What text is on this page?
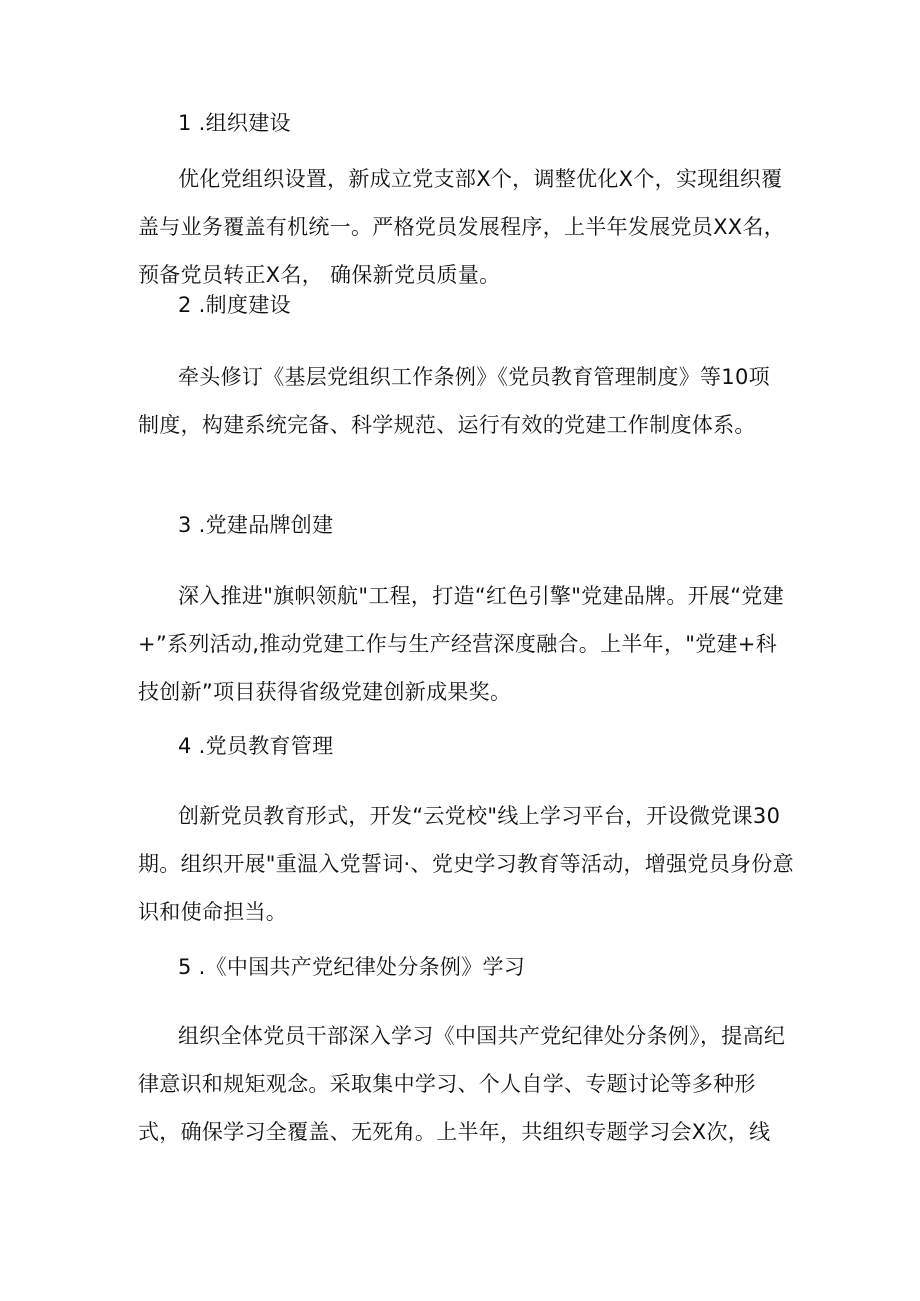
1 .组织建设

优化党组织设置，新成立党支部X个，调整优化X个，实现组织覆盖与业务覆盖有机统一。严格党员发展程序，上半年发展党员XX名，预备党员转正X名， 确保新党员质量。

2 .制度建设

牵头修订《基层党组织工作条例》《党员教育管理制度》等10项制度，构建系统完备、科学规范、运行有效的党建工作制度体系。

3 .党建品牌创建

深入推进"旗帜领航"工程，打造“红色引擎"党建品牌。开展“党建+”系列活动,推动党建工作与生产经营深度融合。上半年，"党建+科技创新”项目获得省级党建创新成果奖。

4 .党员教育管理

创新党员教育形式，开发“云党校"线上学习平台，开设微党课30期。组织开展"重温入党誓词·、党史学习教育等活动，增强党员身份意识和使命担当。

5 .《中国共产党纪律处分条例》学习

组织全体党员干部深入学习《中国共产党纪律处分条例》，提高纪律意识和规矩观念。采取集中学习、个人自学、专题讨论等多种形式，确保学习全覆盖、无死角。上半年，共组织专题学习会X次，线
